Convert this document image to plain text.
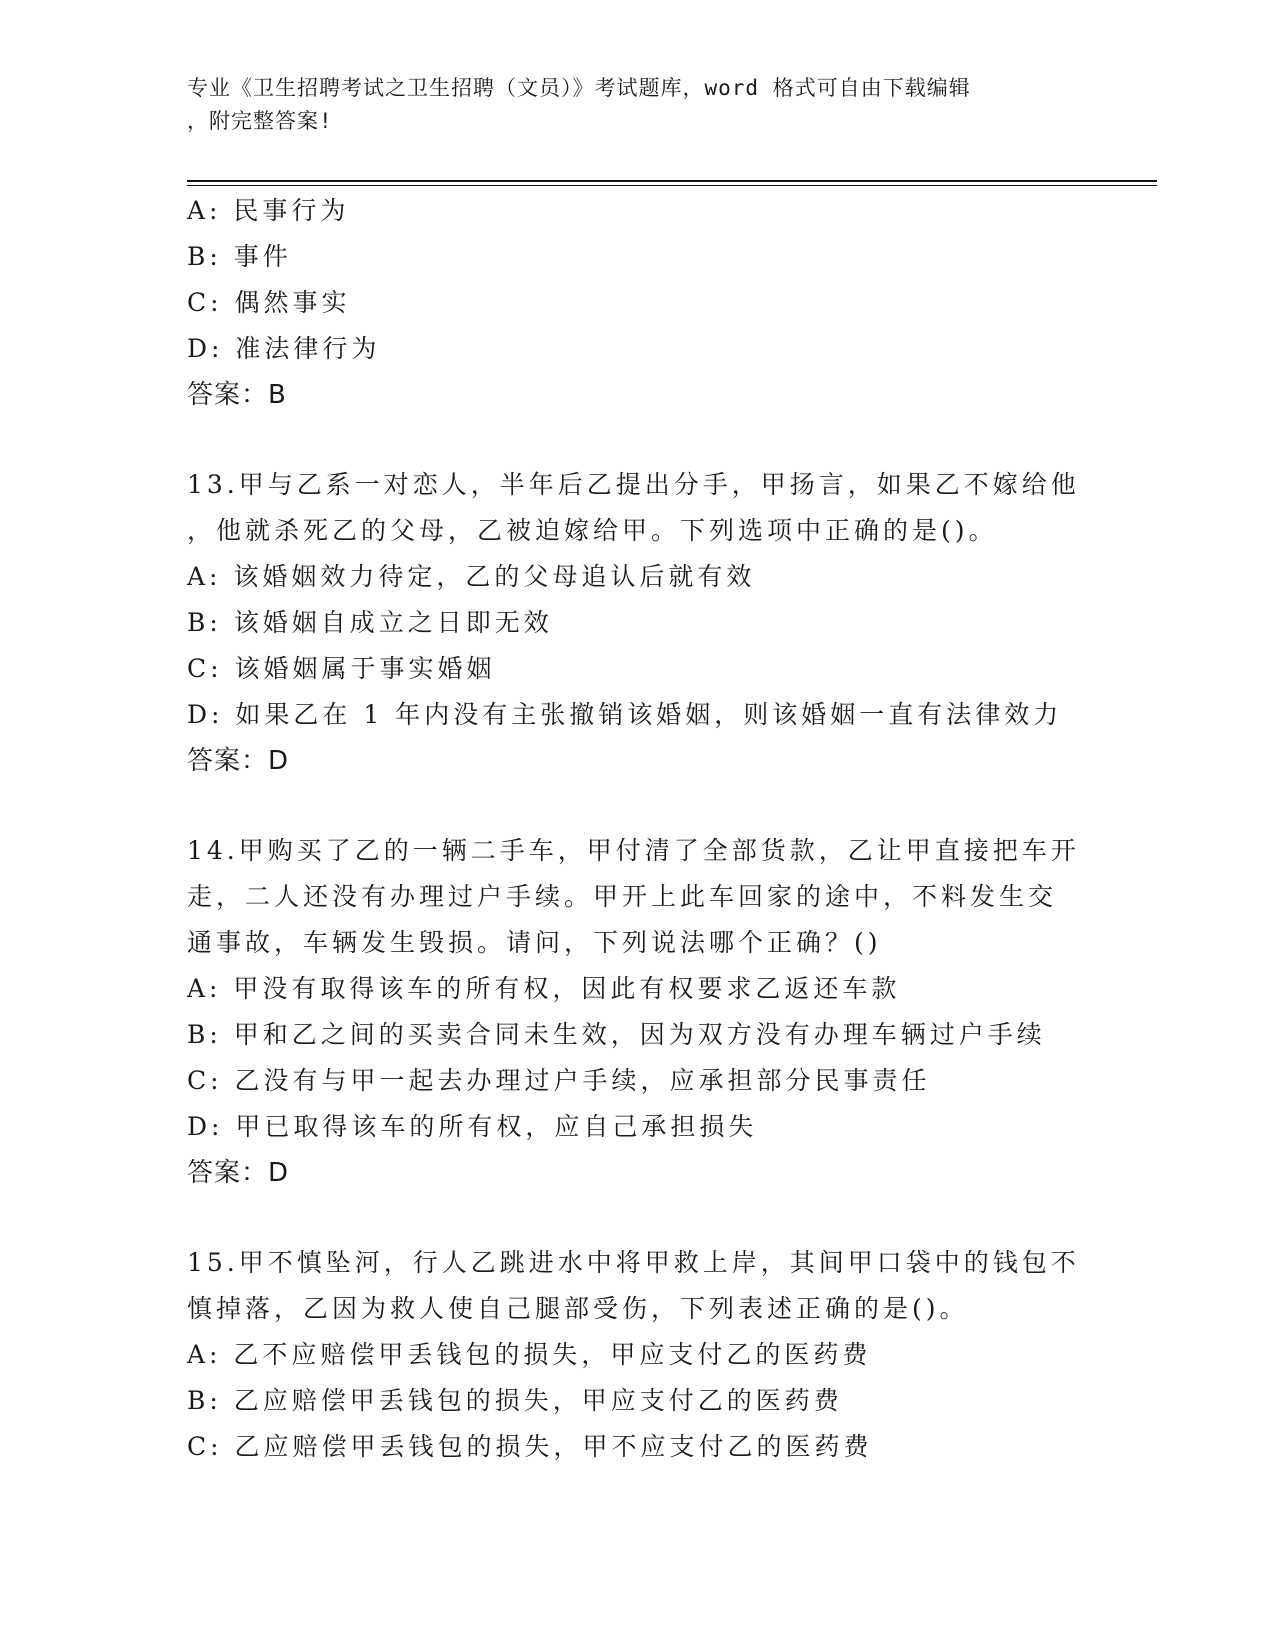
专业《卫生招聘考试之卫生招聘（文员）》考试题库，word 格式可自由下载编辑
，附完整答案!
A: 民事行为
B: 事件
C: 偶然事实
D: 准法律行为
答案：B
13.甲与乙系一对恋人，半年后乙提出分手，甲扬言，如果乙不嫁给他
，他就杀死乙的父母，乙被迫嫁给甲。下列选项中正确的是()。
A: 该婚姻效力待定，乙的父母追认后就有效
B: 该婚姻自成立之日即无效
C: 该婚姻属于事实婚姻
D: 如果乙在 1 年内没有主张撤销该婚姻，则该婚姻一直有法律效力
答案：D
14.甲购买了乙的一辆二手车，甲付清了全部货款，乙让甲直接把车开
走，二人还没有办理过户手续。甲开上此车回家的途中，不料发生交
通事故，车辆发生毁损。请问，下列说法哪个正确？()
A: 甲没有取得该车的所有权，因此有权要求乙返还车款
B: 甲和乙之间的买卖合同未生效，因为双方没有办理车辆过户手续
C: 乙没有与甲一起去办理过户手续，应承担部分民事责任
D: 甲已取得该车的所有权，应自己承担损失
答案：D
15.甲不慎坠河，行人乙跳进水中将甲救上岸，其间甲口袋中的钱包不
慎掉落，乙因为救人使自己腿部受伤，下列表述正确的是()。
A: 乙不应赔偿甲丢钱包的损失，甲应支付乙的医药费
B: 乙应赔偿甲丢钱包的损失，甲应支付乙的医药费
C: 乙应赔偿甲丢钱包的损失，甲不应支付乙的医药费
